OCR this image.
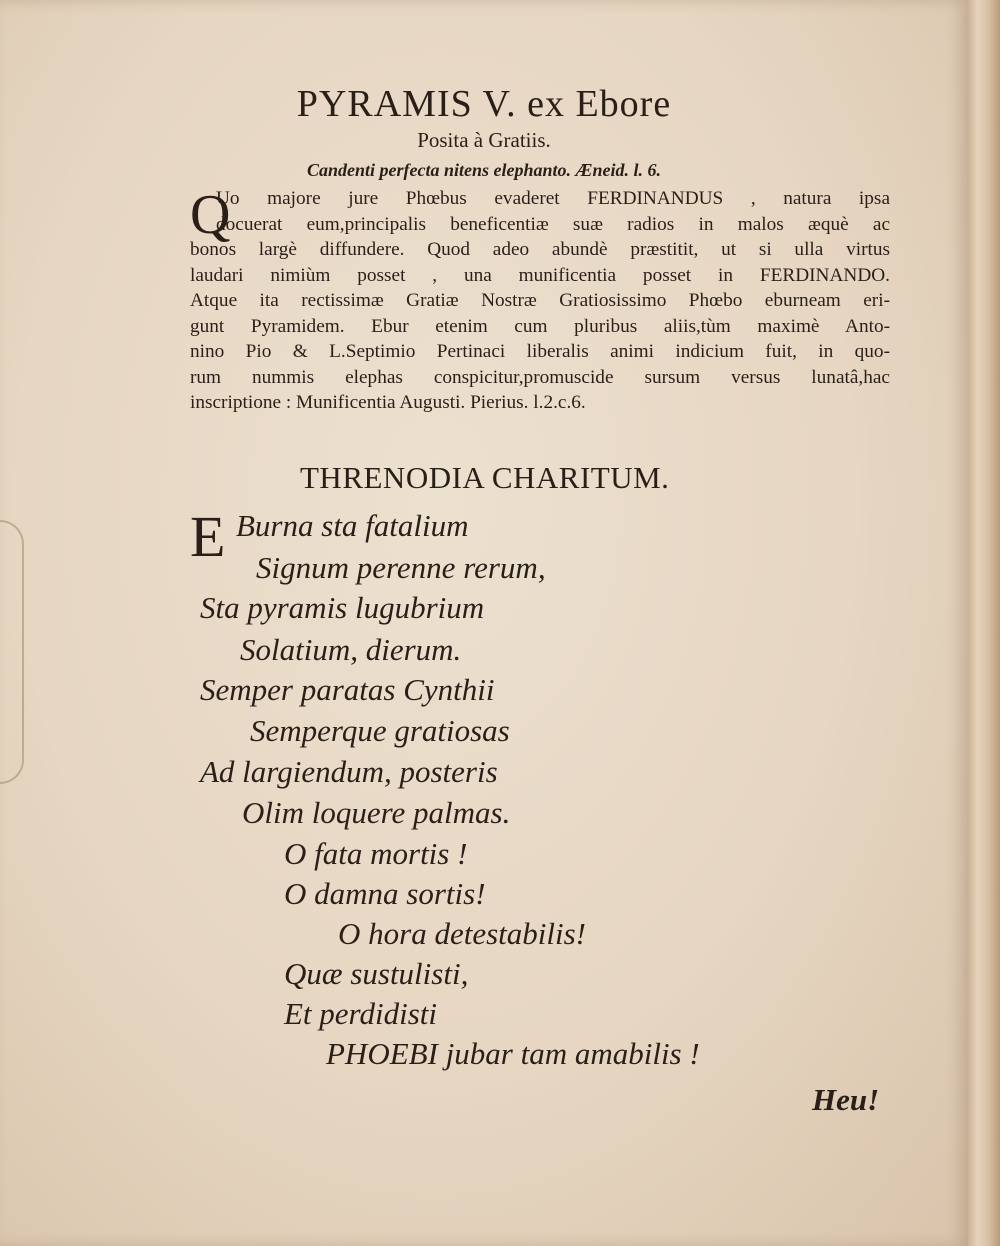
PYRAMIS V. ex Ebore
Posita à Gratiis.
Candenti perfecta nitens elephanto. Æneid. l. 6.
Q
Uo majore jure Phœbus evaderet FERDINANDUS , natura ipsa
docuerat eum,principalis beneficentiæ suæ radios in malos æquè ac
bonos largè diffundere. Quod adeo abundè præstitit, ut si ulla virtus
laudari nimiùm posset , una munificentia posset in FERDINANDO.
Atque ita rectissimæ Gratiæ Nostræ Gratiosissimo Phœbo eburneam eri-
gunt Pyramidem. Ebur etenim cum pluribus aliis,tùm maximè Anto-
nino Pio & L.Septimio Pertinaci liberalis animi indicium fuit, in quo-
rum nummis elephas conspicitur,promuscide sursum versus lunatâ,hac
inscriptione : Munificentia Augusti. Pierius. l.2.c.6.
THRENODIA CHARITUM.
E Burna sta fatalium
Signum perenne rerum,
Sta pyramis lugubrium
Solatium, dierum.
Semper paratas Cynthii
Semperque gratiosas
Ad largiendum, posteris
Olim loquere palmas.
O fata mortis !
O damna sortis!
O hora detestabilis!
Quæ sustulisti,
Et perdidisti
PHOEBI jubar tam amabilis !
Heu!
